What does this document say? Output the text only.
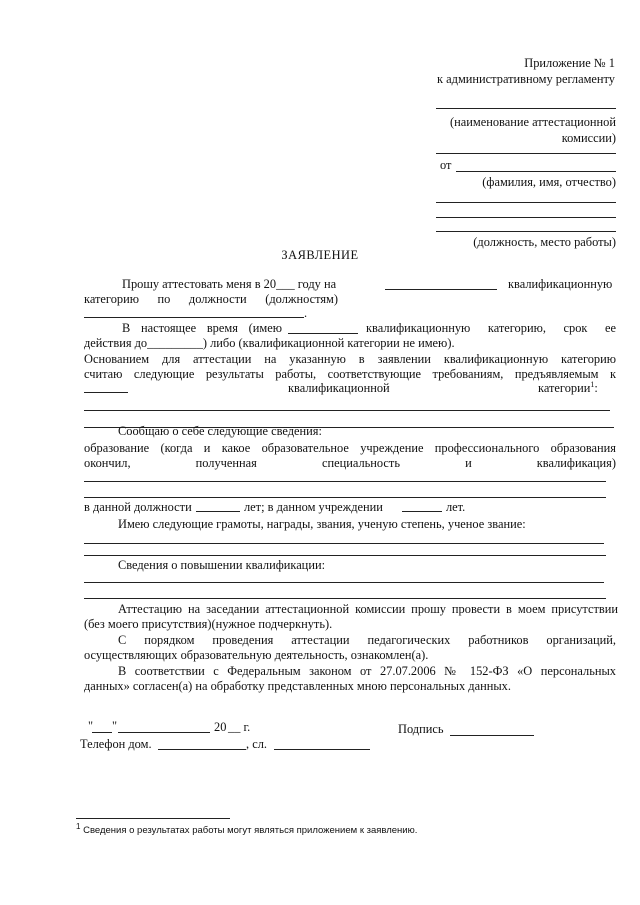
Приложение № 1
к административному регламенту
(наименование аттестационной
комиссии)
от
(фамилия, имя, отчество)
(должность, место работы)
ЗАЯВЛЕНИЕ
Прошу аттестовать меня в 20___ году на	квалификационную
категорию по должности (должностям)
.
В настоящее время (имею	квалификационную категорию, срок ее
действия до_________) либо (квалификационной категории не имею).
Основанием для аттестации на указанную в заявлении квалификационную категорию
считаю следующие результаты работы, соответствующие требованиям, предъявляемым к
квалификационной	категории$^1$:
Сообщаю о себе следующие сведения:
образование (когда и какое образовательное учреждение профессионального образования
окончил, полученная специальность и квалификация)
в данной должности	лет; в данном учреждении	лет.
Имею следующие грамоты, награды, звания, ученую степень, ученое звание:
Сведения о повышении квалификации:
Аттестацию на заседании аттестационной комиссии прошу провести в моем присутствии
(без моего присутствия)(нужное подчеркнуть).
С порядком проведения аттестации педагогических работников организаций,
осуществляющих образовательную деятельность, ознакомлен(а).
В соответствии с Федеральным законом от 27.07.2006 № 152-ФЗ «О персональных
данных» согласен(а) на обработку представленных мною персональных данных.
" "	20 __ г.	Подпись
Телефон дом.	, сл.
$^1$ Сведения о результатах работы могут являться приложением к заявлению.
